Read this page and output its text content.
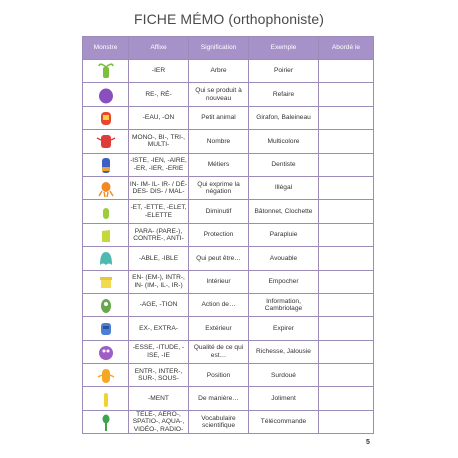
FICHE MÉMO (orthophoniste)
Monstre	Affixe	Signification	Exemple	Abordé le

	-IER	Arbre	Poirier	

	RE-, RÉ-	Qui se produit à nouveau	Refaire	

	-EAU, -ON	Petit animal	Girafon, Baleineau	

	MONO-, BI-, TRI-, MULTI-	Nombre	Multicolore	

	-ISTE, -IEN, -AIRE, -ER, -IER, -ERIE	Métiers	Dentiste	

	IN- IM- IL- IR- / DÉ- DES- DIS- / MAL-	Qui exprime la négation	Illégal	

	-ET, -ETTE, -ELET, -ELETTE	Diminutif	Bâtonnet, Clochette	

	PARA- (PARE-), CONTRE-, ANTI-	Protection	Parapluie	

	-ABLE, -IBLE	Qui peut être…	Avouable	

	EN- (EM-), INTR-, IN- (IM-, IL-, IR-)	Intérieur	Empocher	

	-AGE, -TION	Action de…	Information, Cambriolage	

	EX-, EXTRA-	Extérieur	Expirer	

	-ESSE, -ITUDE, -ISE, -IE	Qualité de ce qui est…	Richesse, Jalousie	

	ENTR-, INTER-, SUR-, SOUS-	Position	Surdoué	

	-MENT	De manière…	Joliment	

	TÉLÉ-, AÉRO-, SPATIO-, AQUA-, VIDÉO-, RADIO-	Vocabulaire scientifique	Télécommande	
5
